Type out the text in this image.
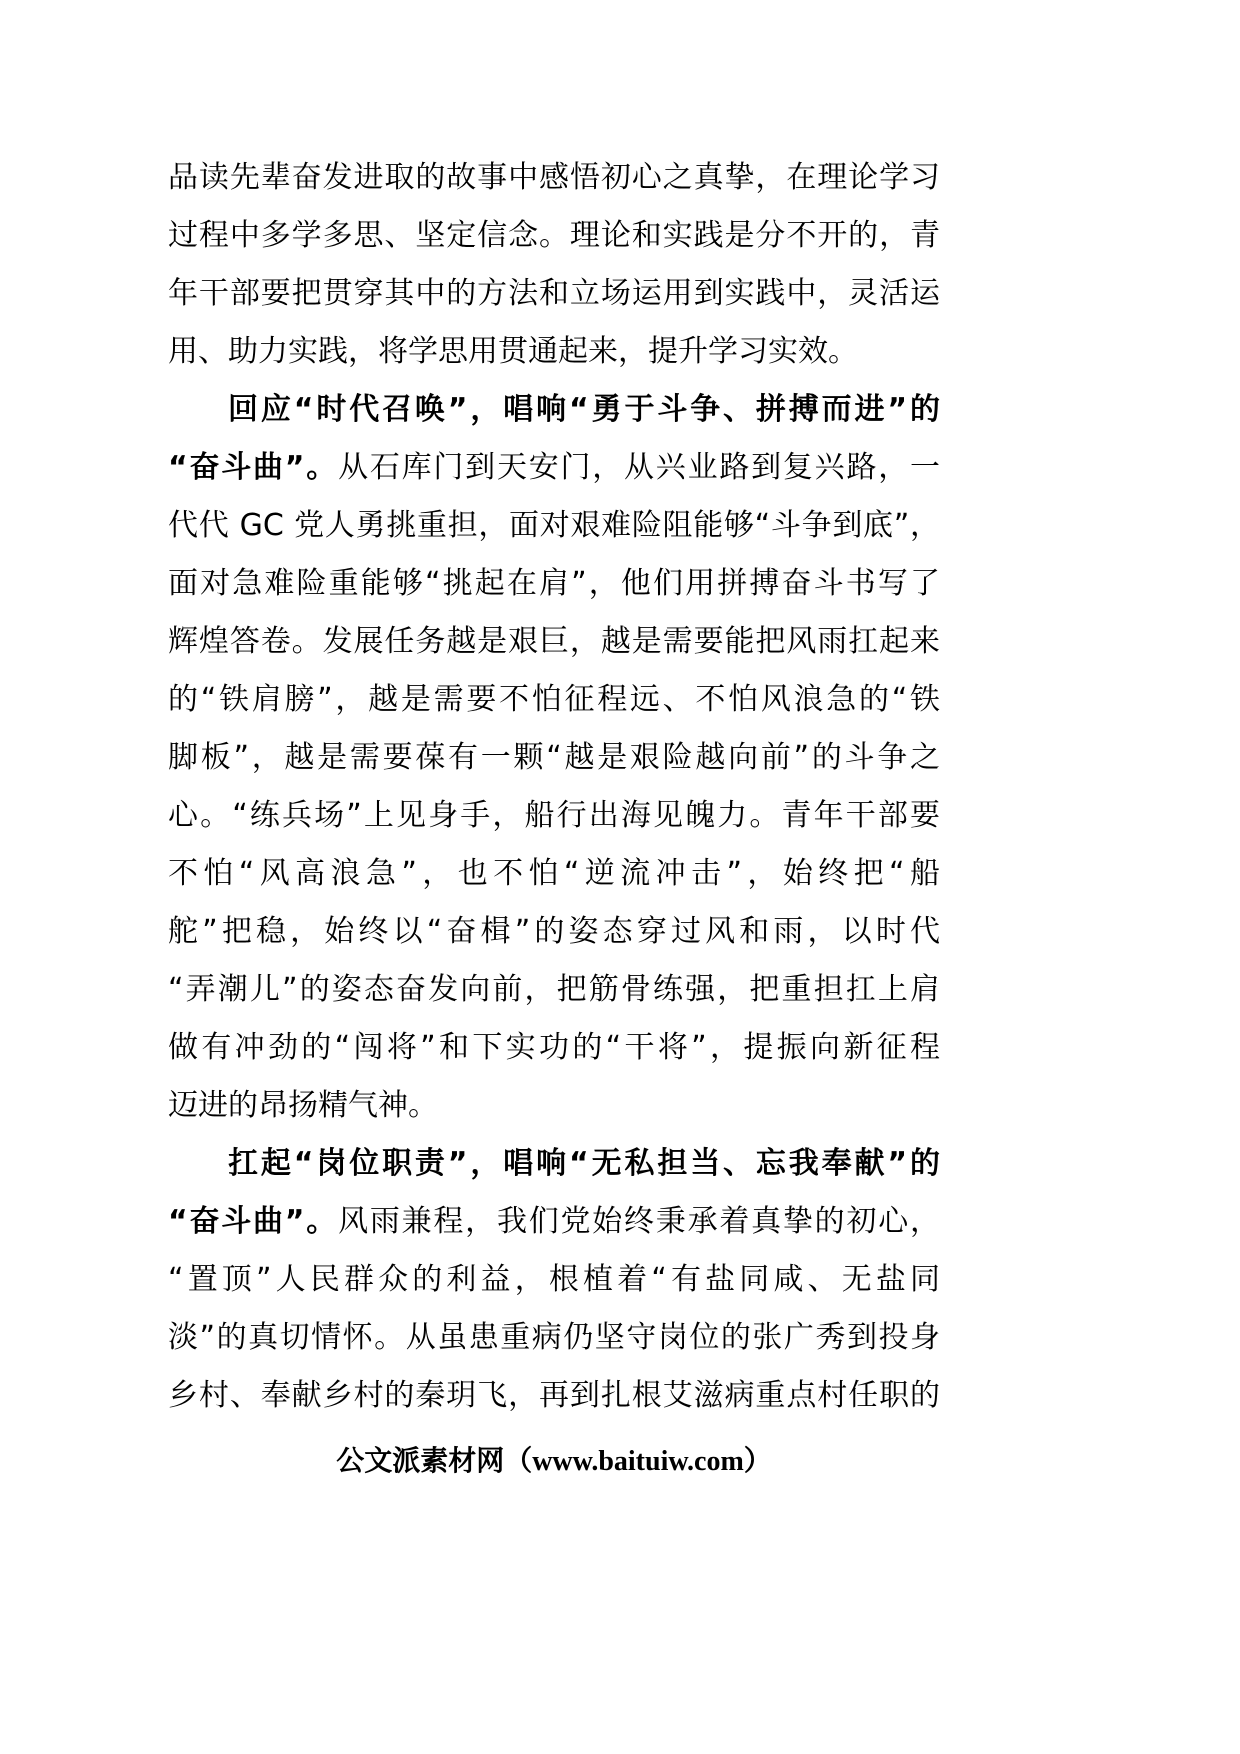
品读先辈奋发进取的故事中感悟初心之真挚，在理论学习
过程中多学多思、坚定信念。理论和实践是分不开的，青
年干部要把贯穿其中的方法和立场运用到实践中，灵活运
用、助力实践，将学思用贯通起来，提升学习实效。
回应“时代召唤”，唱响“勇于斗争、拼搏而进”的
“奋斗曲”。从石库门到天安门，从兴业路到复兴路，一
代代 GC 党人勇挑重担，面对艰难险阻能够“斗争到底”，
面对急难险重能够“挑起在肩”，他们用拼搏奋斗书写了
辉煌答卷。发展任务越是艰巨，越是需要能把风雨扛起来
的“铁肩膀”，越是需要不怕征程远、不怕风浪急的“铁
脚板”，越是需要葆有一颗“越是艰险越向前”的斗争之
心。“练兵场”上见身手，船行出海见魄力。青年干部要
不怕“风高浪急”，也不怕“逆流冲击”，始终把“船
舵”把稳，始终以“奋楫”的姿态穿过风和雨，以时代
“弄潮儿”的姿态奋发向前，把筋骨练强，把重担扛上肩
做有冲劲的“闯将”和下实功的“干将”，提振向新征程
迈进的昂扬精气神。
扛起“岗位职责”，唱响“无私担当、忘我奉献”的
“奋斗曲”。风雨兼程，我们党始终秉承着真挚的初心，
“置顶”人民群众的利益，根植着“有盐同咸、无盐同
淡”的真切情怀。从虽患重病仍坚守岗位的张广秀到投身
乡村、奉献乡村的秦玥飞，再到扎根艾滋病重点村任职的
公文派素材网（www.baituiw.com）
